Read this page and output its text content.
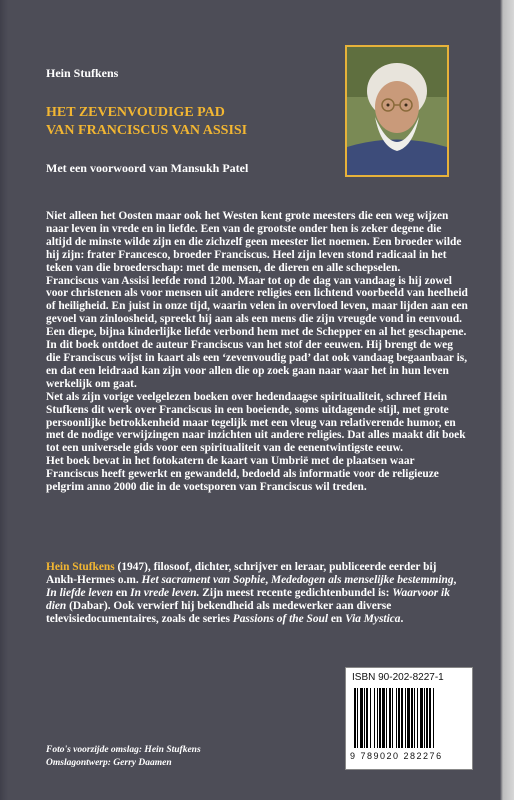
Hein Stufkens
HET ZEVENVOUDIGE PAD
VAN FRANCISCUS VAN ASSISI
Met een voorwoord van Mansukh Patel

Niet alleen het Oosten maar ook het Westen kent grote meesters die een weg wijzen naar leven in vrede en in liefde. Een van de grootste onder hen is zeker degene die altijd de minste wilde zijn en die zichzelf geen meester liet noemen. Een broeder wilde hij zijn: frater Francesco, broeder Franciscus. Heel zijn leven stond radicaal in het teken van die broederschap: met de mensen, de dieren en alle schepselen.

Franciscus van Assisi leefde rond 1200. Maar tot op de dag van vandaag is hij zowel voor christenen als voor mensen uit andere religies een lichtend voorbeeld van heelheid of heiligheid. En juist in onze tijd, waarin velen in overvloed leven, maar lijden aan een gevoel van zinloosheid, spreekt hij aan als een mens die zijn vreugde vond in eenvoud.

Een diepe, bijna kinderlijke liefde verbond hem met de Schepper en al het geschapene.

In dit boek ontdoet de auteur Franciscus van het stof der eeuwen. Hij brengt de weg die Franciscus wijst in kaart als een ‘zevenvoudig pad’ dat ook vandaag begaanbaar is, en dat een leidraad kan zijn voor allen die op zoek gaan naar waar het in hun leven werkelijk om gaat.

Net als zijn vorige veelgelezen boeken over hedendaagse spiritualiteit, schreef Hein Stufkens dit werk over Franciscus in een boeiende, soms uitdagende stijl, met grote persoonlijke betrokkenheid maar tegelijk met een vleug van relativerende humor, en met de nodige verwijzingen naar inzichten uit andere religies. Dat alles maakt dit boek tot een universele gids voor een spiritualiteit van de eenentwintigste eeuw.

Het boek bevat in het fotokatern de kaart van Umbrië met de plaatsen waar Franciscus heeft gewerkt en gewandeld, bedoeld als informatie voor de religieuze pelgrim anno 2000 die in de voetsporen van Franciscus wil treden.

Hein Stufkens (1947), filosoof, dichter, schrijver en leraar, publiceerde eerder bij Ankh-Hermes o.m. Het sacrament van Sophie, Mededogen als menselijke bestemming, In liefde leven en In vrede leven. Zijn meest recente gedichtenbundel is: Waarvoor ik dien (Dabar). Ook verwierf hij bekendheid als medewerker aan diverse televisiedocumentaires, zoals de series Passions of the Soul en Via Mystica.
ISBN 90-202-8227-1
9 789020 282276
Foto's voorzijde omslag: Hein Stufkens
Omslagontwerp: Gerry Daamen
